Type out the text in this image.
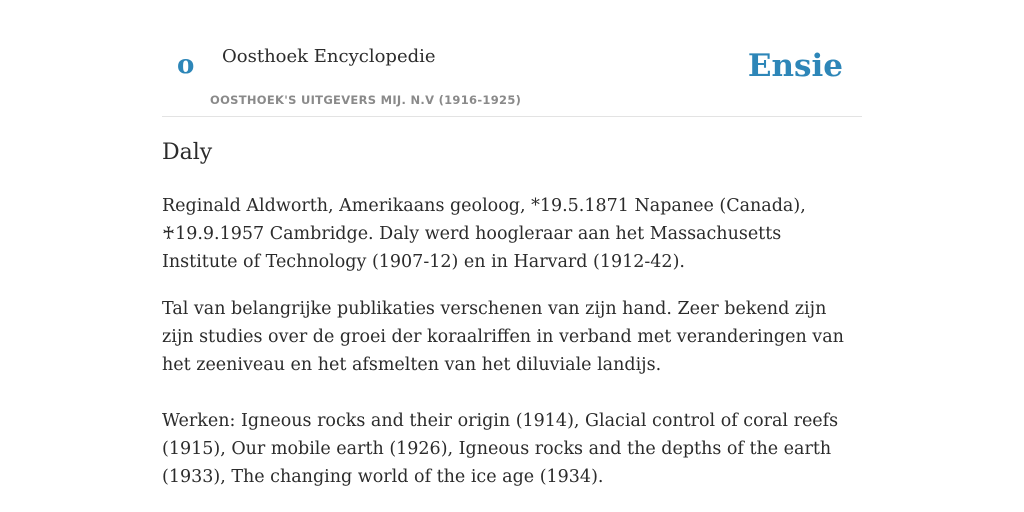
o Oosthoek Encyclopedie
OOSTHOEK'S UITGEVERS MIJ. N.V (1916-1925)
Ensie
Daly

Reginald Aldworth, Amerikaans geoloog, *19.5.1871 Napanee (Canada), ♰19.9.1957 Cambridge. Daly werd hoogleraar aan het Massachusetts Institute of Technology (1907-12) en in Harvard (1912-42).

Tal van belangrijke publikaties verschenen van zijn hand. Zeer bekend zijn zijn studies over de groei der koraalriffen in verband met veranderingen van het zeeniveau en het afsmelten van het diluviale landijs.

Werken: Igneous rocks and their origin (1914), Glacial control of coral reefs (1915), Our mobile earth (1926), Igneous rocks and the depths of the earth (1933), The changing world of the ice age (1934).
